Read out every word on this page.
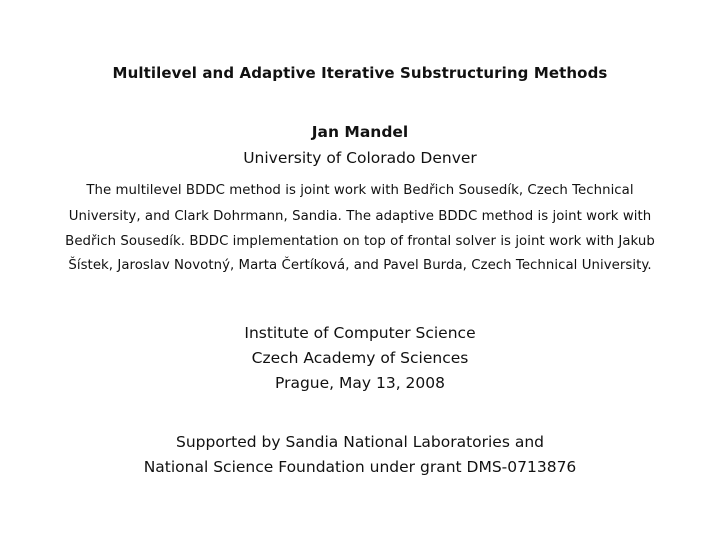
Multilevel and Adaptive Iterative Substructuring Methods
Jan Mandel
University of Colorado Denver
The multilevel BDDC method is joint work with Bedřich Sousedík, Czech Technical
University, and Clark Dohrmann, Sandia. The adaptive BDDC method is joint work with
Bedřich Sousedík. BDDC implementation on top of frontal solver is joint work with Jakub
Šístek, Jaroslav Novotný, Marta Čertíková, and Pavel Burda, Czech Technical University.
Institute of Computer Science
Czech Academy of Sciences
Prague, May 13, 2008
Supported by Sandia National Laboratories and
National Science Foundation under grant DMS-0713876
